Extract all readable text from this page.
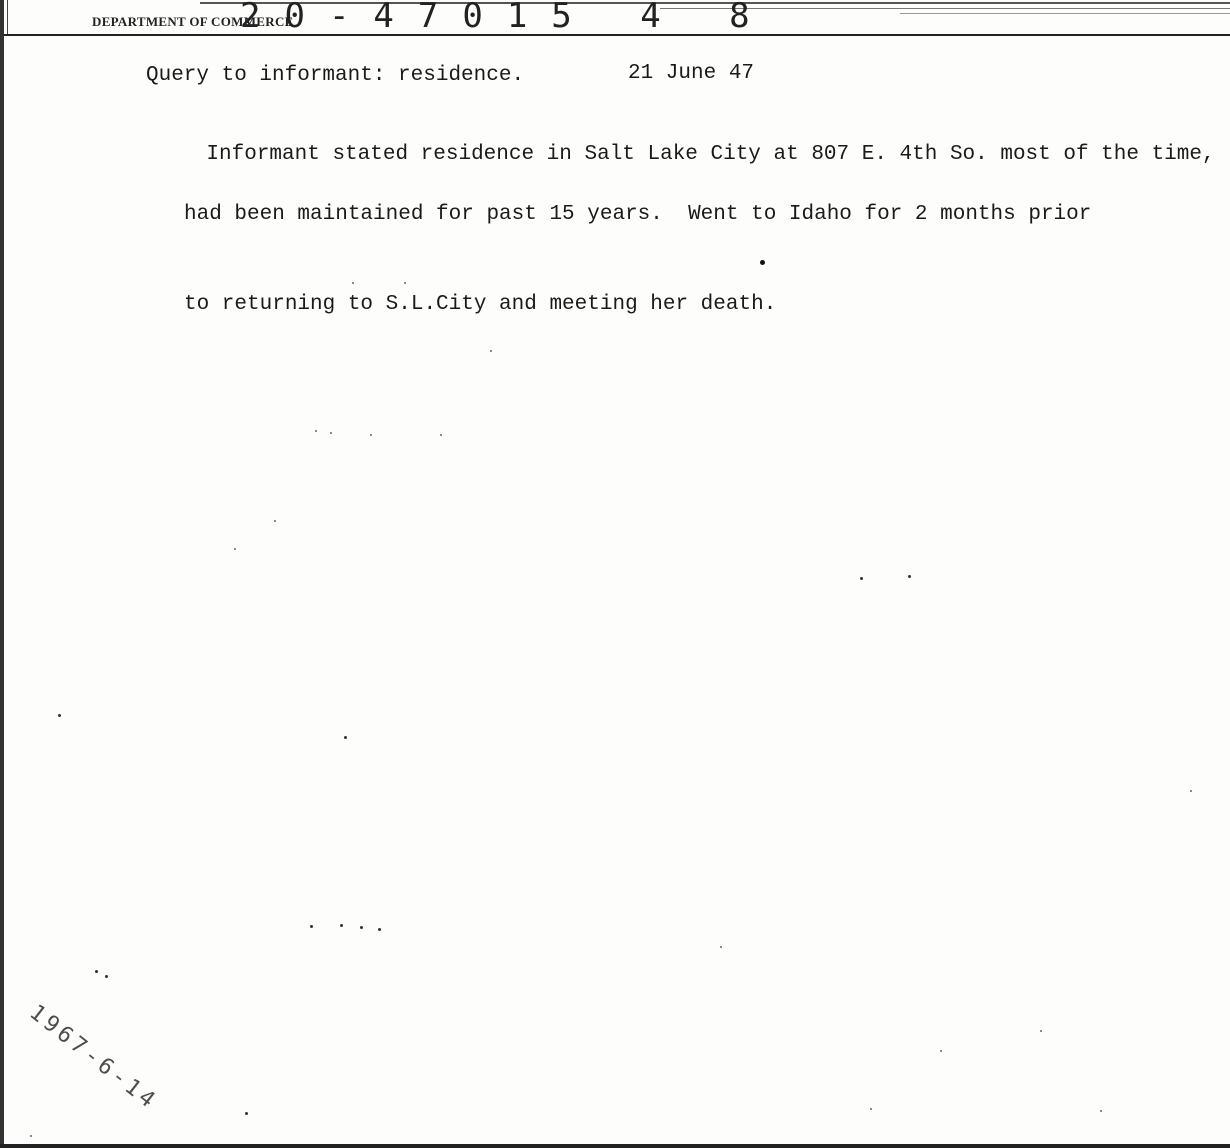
DEPARTMENT OF COMMERCE
20-47015 4 8
Query to informant: residence.	21 June 47

Informant stated residence in Salt Lake City at 807 E. 4th So. most of the time,

had been maintained for past 15 years.  Went to Idaho for 2 months prior

to returning to S.L.City and meeting her death.

1967-6-14
